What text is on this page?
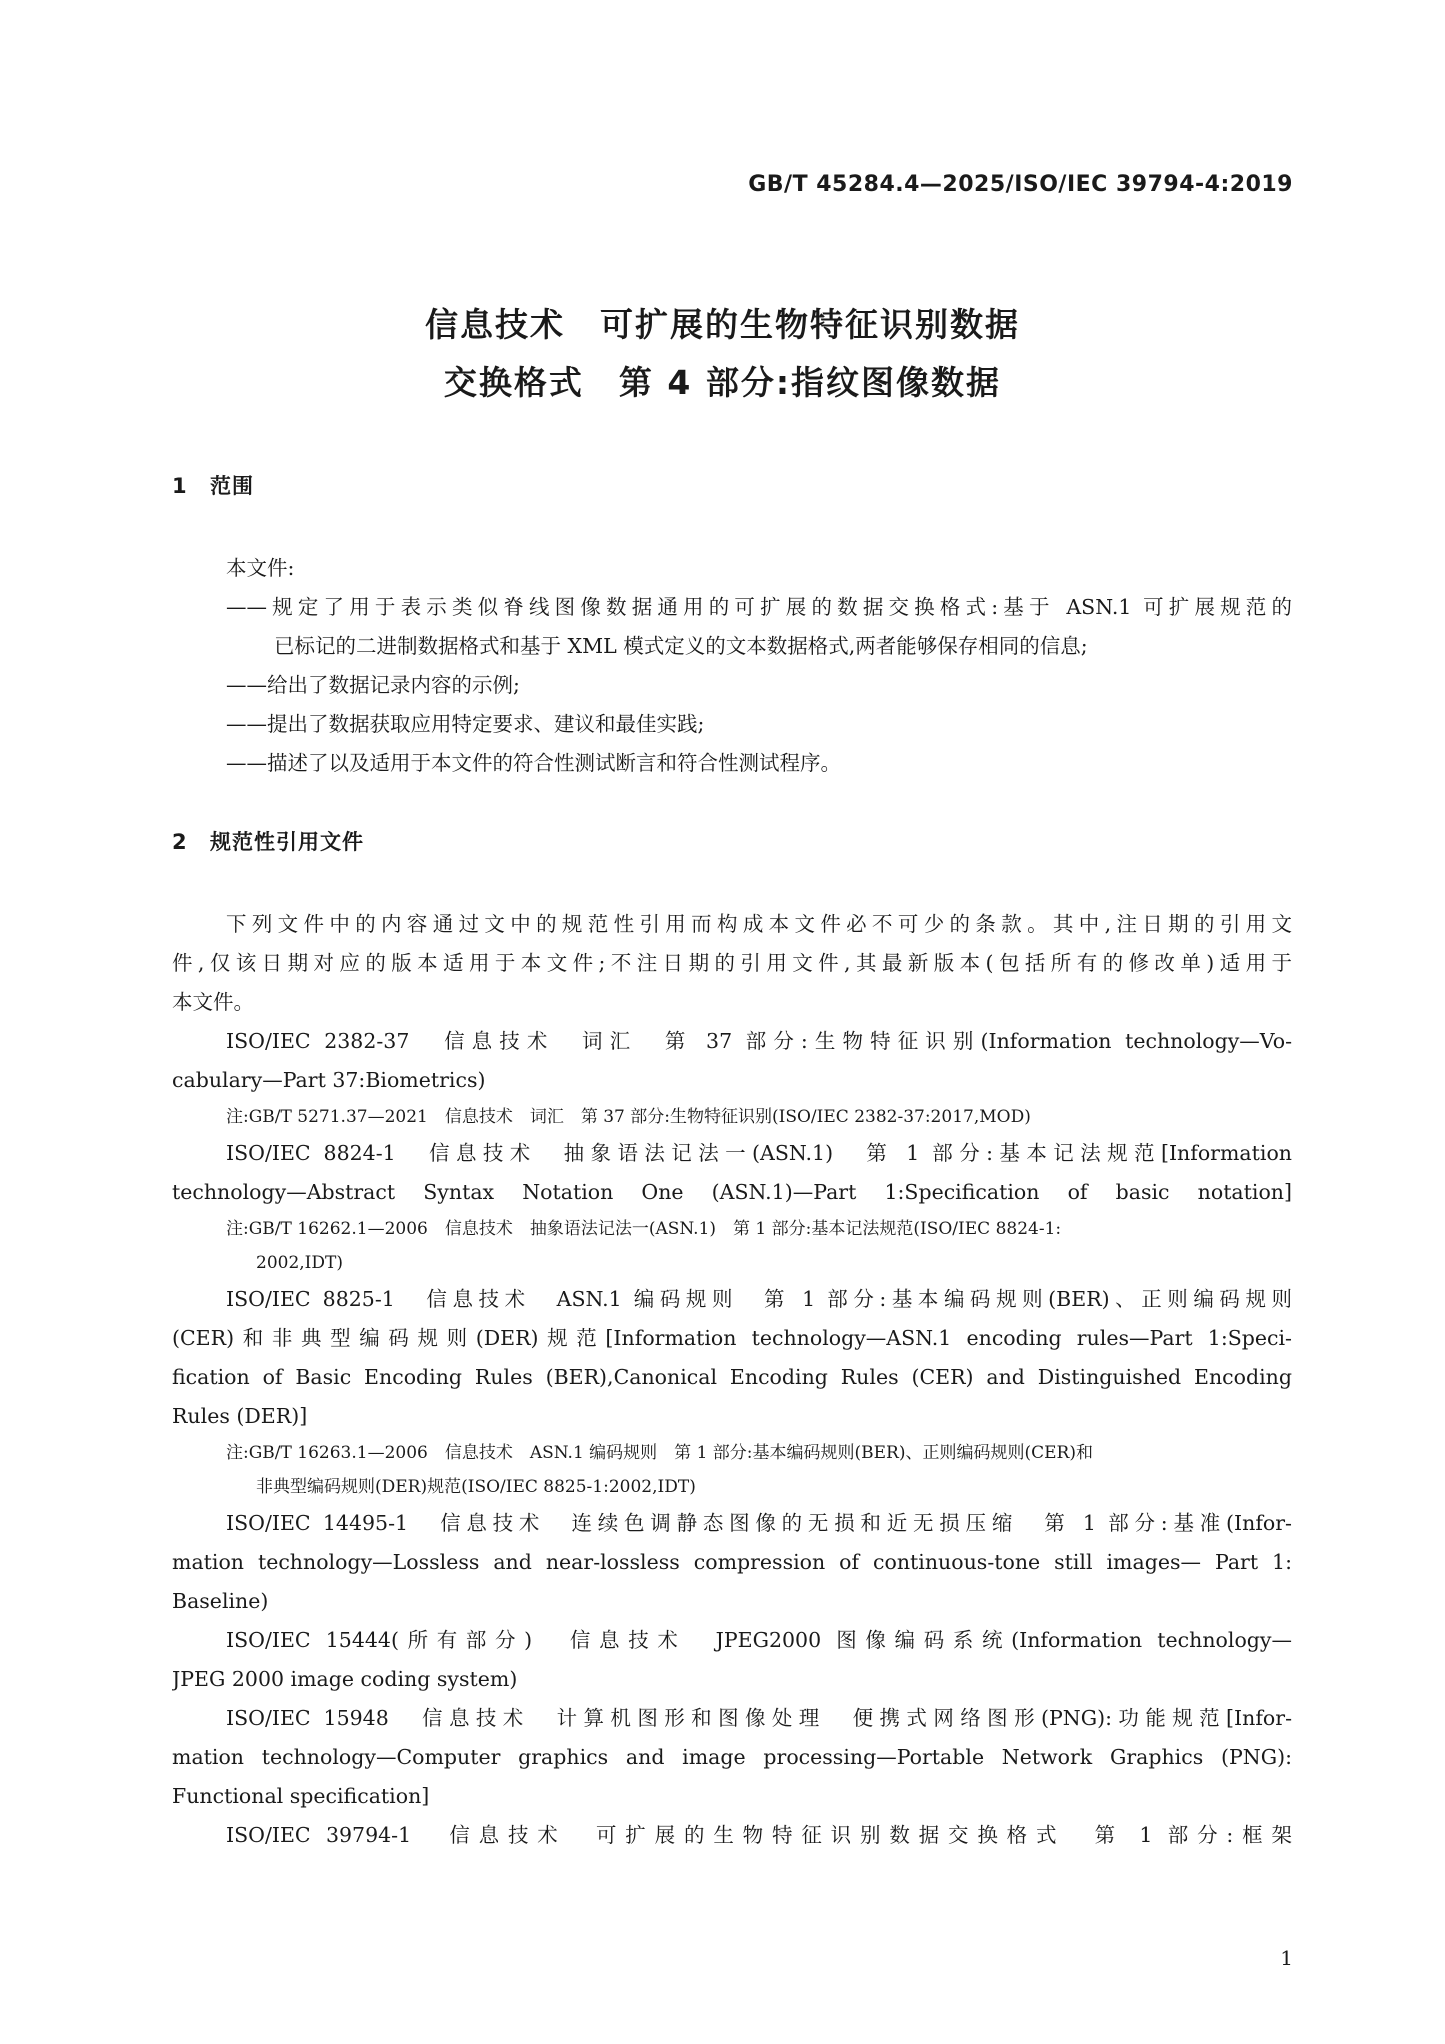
GB/T 45284.4—2025/ISO/IEC 39794-4:2019
信息技术　可扩展的生物特征识别数据
交换格式　第 4 部分:指纹图像数据
1 范围
本文件:
——规定了用于表示类似脊线图像数据通用的可扩展的数据交换格式:基于 ASN.1 可扩展规范的
已标记的二进制数据格式和基于 XML 模式定义的文本数据格式,两者能够保存相同的信息;
——给出了数据记录内容的示例;
——提出了数据获取应用特定要求、建议和最佳实践;
——描述了以及适用于本文件的符合性测试断言和符合性测试程序。
2 规范性引用文件
下列文件中的内容通过文中的规范性引用而构成本文件必不可少的条款。其中,注日期的引用文
件,仅该日期对应的版本适用于本文件;不注日期的引用文件,其最新版本(包括所有的修改单)适用于
本文件。
ISO/IEC 2382-37　信息技术　词汇　第 37 部分:生物特征识别(Information technology—Vo-
cabulary—Part 37:Biometrics)
注:GB/T 5271.37—2021　信息技术　词汇　第 37 部分:生物特征识别(ISO/IEC 2382-37:2017,MOD)
ISO/IEC 8824-1　信息技术　抽象语法记法一(ASN.1)　第 1 部分:基本记法规范[Information
technology—Abstract Syntax Notation One (ASN.1)—Part 1:Specification of basic notation]
注:GB/T 16262.1—2006　信息技术　抽象语法记法一(ASN.1)　第 1 部分:基本记法规范(ISO/IEC 8824-1:
2002,IDT)
ISO/IEC 8825-1　信息技术　ASN.1 编码规则　第 1 部分:基本编码规则(BER)、正则编码规则
(CER)和非典型编码规则(DER)规范[Information technology—ASN.1 encoding rules—Part 1:Speci-
fication of Basic Encoding Rules (BER),Canonical Encoding Rules (CER) and Distinguished Encoding
Rules (DER)]
注:GB/T 16263.1—2006　信息技术　ASN.1 编码规则　第 1 部分:基本编码规则(BER)、正则编码规则(CER)和
非典型编码规则(DER)规范(ISO/IEC 8825-1:2002,IDT)
ISO/IEC 14495-1　信息技术　连续色调静态图像的无损和近无损压缩　第 1 部分:基准(Infor-
mation technology—Lossless and near-lossless compression of continuous-tone still images— Part 1:
Baseline)
ISO/IEC 15444(所有部分)　信息技术　JPEG2000 图像编码系统(Information technology—
JPEG 2000 image coding system)
ISO/IEC 15948　信息技术　计算机图形和图像处理　便携式网络图形(PNG):功能规范[Infor-
mation technology—Computer graphics and image processing—Portable Network Graphics (PNG):
Functional specification]
ISO/IEC 39794-1　信息技术　可扩展的生物特征识别数据交换格式　第 1 部分:框架
1
